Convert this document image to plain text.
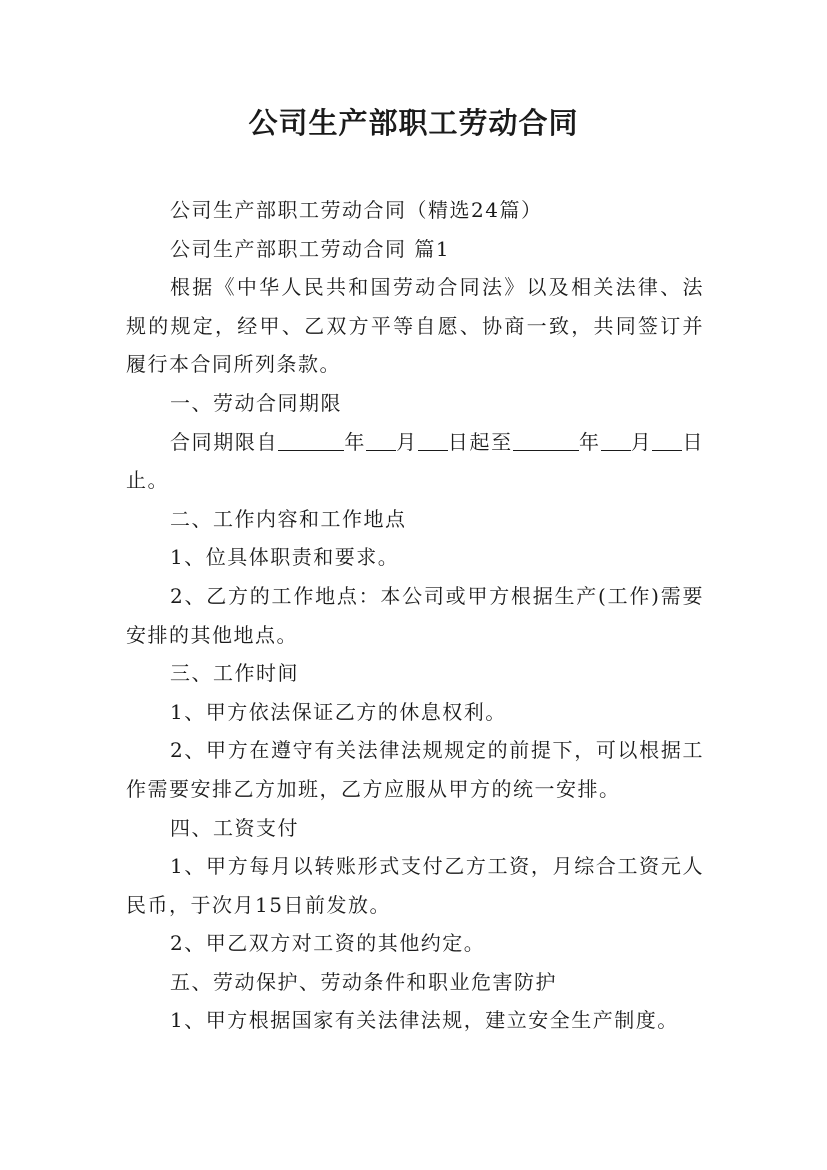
公司生产部职工劳动合同

公司生产部职工劳动合同（精选24篇）

公司生产部职工劳动合同 篇1

根据《中华人民共和国劳动合同法》以及相关法律、法规的规定，经甲、乙双方平等自愿、协商一致，共同签订并履行本合同所列条款。

一、劳动合同期限

合同期限自	年 月 日起至	年 月 日止。

二、工作内容和工作地点

1、位具体职责和要求。

2、乙方的工作地点：本公司或甲方根据生产(工作)需要安排的其他地点。

三、工作时间

1、甲方依法保证乙方的休息权利。

2、甲方在遵守有关法律法规规定的前提下，可以根据工作需要安排乙方加班，乙方应服从甲方的统一安排。

四、工资支付

1、甲方每月以转账形式支付乙方工资，月综合工资元人民币，于次月15日前发放。

2、甲乙双方对工资的其他约定。

五、劳动保护、劳动条件和职业危害防护

1、甲方根据国家有关法律法规，建立安全生产制度。
